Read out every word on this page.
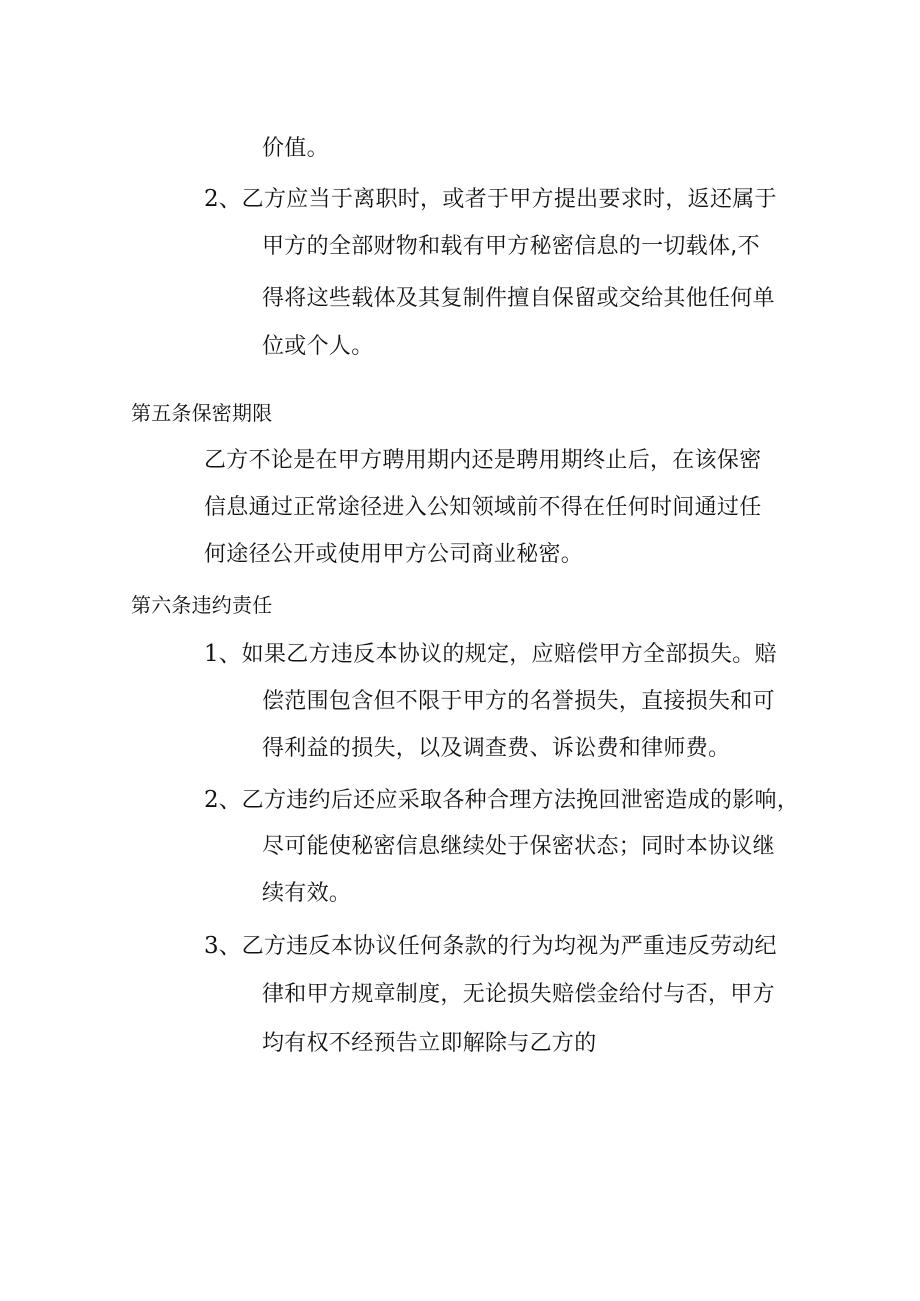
价值。
2、乙方应当于离职时，或者于甲方提出要求时，返还属于
甲方的全部财物和载有甲方秘密信息的一切载体,不
得将这些载体及其复制件擅自保留或交给其他任何单
位或个人。
第五条保密期限
乙方不论是在甲方聘用期内还是聘用期终止后，在该保密
信息通过正常途径进入公知领域前不得在任何时间通过任
何途径公开或使用甲方公司商业秘密。
第六条违约责任
1、如果乙方违反本协议的规定，应赔偿甲方全部损失。赔
偿范围包含但不限于甲方的名誉损失，直接损失和可
得利益的损失，以及调查费、诉讼费和律师费。
2、乙方违约后还应采取各种合理方法挽回泄密造成的影响，
尽可能使秘密信息继续处于保密状态；同时本协议继
续有效。
3、乙方违反本协议任何条款的行为均视为严重违反劳动纪
律和甲方规章制度，无论损失赔偿金给付与否，甲方
均有权不经预告立即解除与乙方的
